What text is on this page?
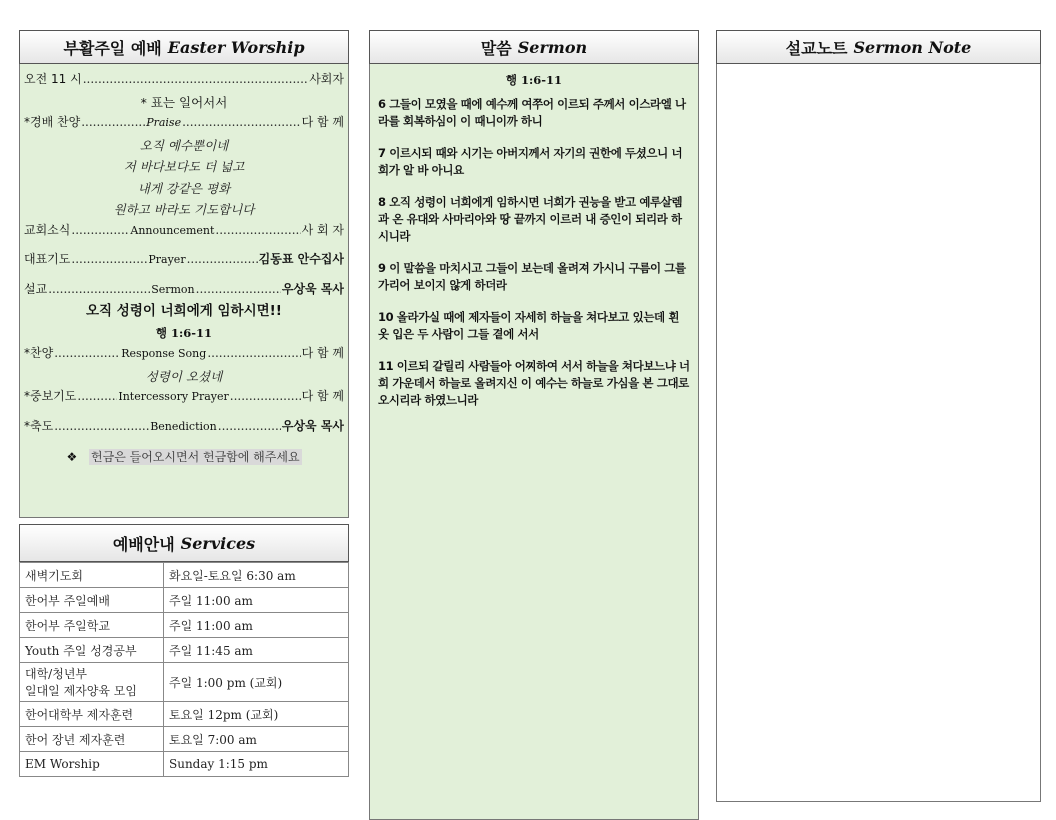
부활주일 예배 Easter Worship
오전 11 시 .....	사회자
* 표는 일어서서
*경배 찬양 .....	Praise .....	다 함 께
오직 예수뿐이네
저 바다보다도 더 넓고
내게 강같은 평화
원하고 바라도 기도합니다
교회소식 .....	Announcement .....	사 회 자
대표기도 .....	Prayer .....	김동표 안수집사
설교 .....	Sermon .....	우상욱 목사
오직 성령이 너희에게 임하시면!!
행 1:6-11
*찬양 .....	Response Song .....	다 함 께
성령이 오셨네
*중보기도 .....	Intercessory Prayer .....	다 함 께
*축도 .....	Benediction .....	우상욱 목사
❖ 헌금은 들어오시면서 헌금함에 해주세요
예배안내 Services
새벽기도회	화요일-토요일 6:30 am
한어부 주일예배	주일 11:00 am
한어부 주일학교	주일 11:00 am
Youth 주일 성경공부	주일 11:45 am
대학/청년부
일대일 제자양육 모임	주일 1:00 pm (교회)
한어대학부 제자훈련	토요일 12pm (교회)
한어 장년 제자훈련	토요일 7:00 am
EM Worship	Sunday 1:15 pm
말씀 Sermon
행 1:6-11
6 그들이 모였을 때에 예수께 여쭈어 이르되 주께서 이스라엘 나라를 회복하심이 이 때니이까 하니
7 이르시되 때와 시기는 아버지께서 자기의 권한에 두셨으니 너희가 알 바 아니요
8 오직 성령이 너희에게 임하시면 너희가 권능을 받고 예루살렘과 온 유대와 사마리아와 땅 끝까지 이르러 내 증인이 되리라 하시니라
9 이 말씀을 마치시고 그들이 보는데 올려져 가시니 구름이 그를 가리어 보이지 않게 하더라
10 올라가실 때에 제자들이 자세히 하늘을 쳐다보고 있는데 흰 옷 입은 두 사람이 그들 곁에 서서
11 이르되 갈릴리 사람들아 어찌하여 서서 하늘을 쳐다보느냐 너희 가운데서 하늘로 올려지신 이 예수는 하늘로 가심을 본 그대로 오시리라 하였느니라
설교노트 Sermon Note
